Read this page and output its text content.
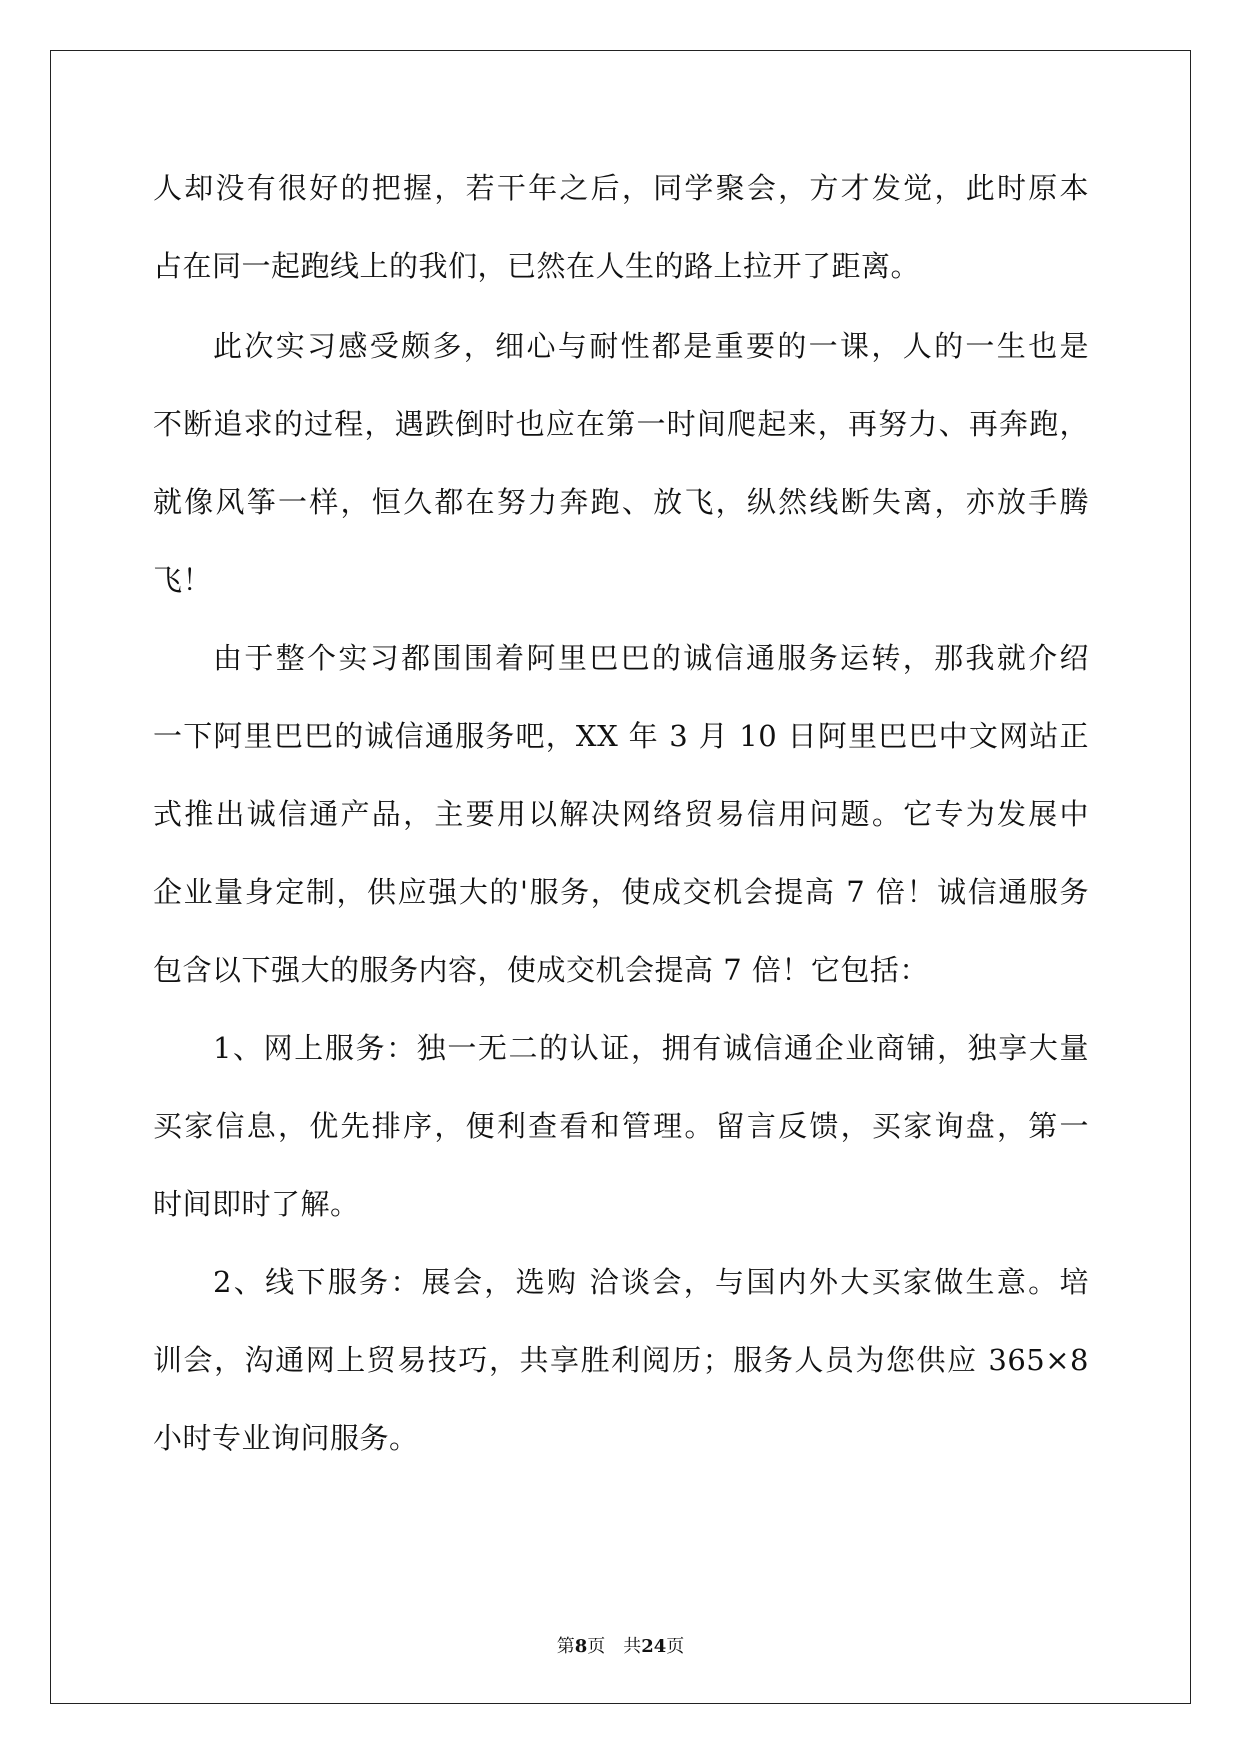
人却没有很好的把握，若干年之后，同学聚会，方才发觉，此时原本
占在同一起跑线上的我们，已然在人生的路上拉开了距离。
此次实习感受颇多，细心与耐性都是重要的一课，人的一生也是
不断追求的过程，遇跌倒时也应在第一时间爬起来，再努力、再奔跑，
就像风筝一样，恒久都在努力奔跑、放飞，纵然线断失离，亦放手腾
飞！
由于整个实习都围围着阿里巴巴的诚信通服务运转，那我就介绍
一下阿里巴巴的诚信通服务吧，XX 年 3 月 10 日阿里巴巴中文网站正
式推出诚信通产品，主要用以解决网络贸易信用问题。它专为发展中
企业量身定制，供应强大的'服务，使成交机会提高 7 倍！诚信通服务
包含以下强大的服务内容，使成交机会提高 7 倍！它包括：
1、网上服务：独一无二的认证，拥有诚信通企业商铺，独享大量
买家信息，优先排序，便利查看和管理。留言反馈，买家询盘，第一
时间即时了解。
2、线下服务：展会，选购 洽谈会，与国内外大买家做生意。培
训会，沟通网上贸易技巧，共享胜利阅历；服务人员为您供应 365×8
小时专业询问服务。
第8页 共24页
